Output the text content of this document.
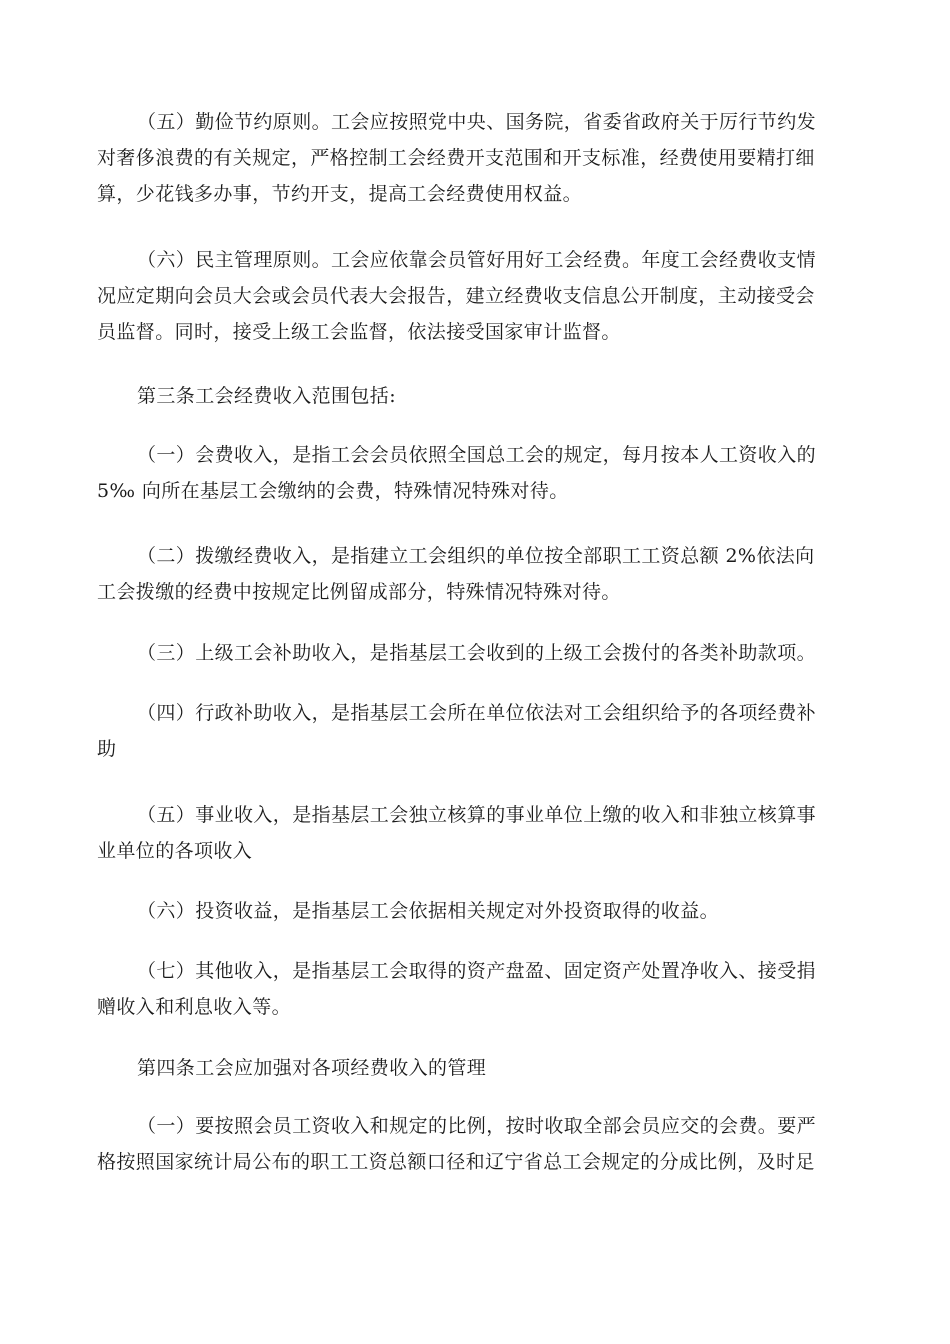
（五）勤俭节约原则。工会应按照党中央、国务院，省委省政府关于厉行节约发
对奢侈浪费的有关规定，严格控制工会经费开支范围和开支标准，经费使用要精打细
算，少花钱多办事，节约开支，提高工会经费使用权益。

（六）民主管理原则。工会应依靠会员管好用好工会经费。年度工会经费收支情
况应定期向会员大会或会员代表大会报告，建立经费收支信息公开制度，主动接受会
员监督。同时，接受上级工会监督，依法接受国家审计监督。

第三条工会经费收入范围包括:

（一）会费收入，是指工会会员依照全国总工会的规定，每月按本人工资收入的
5‰ 向所在基层工会缴纳的会费，特殊情况特殊对待。

（二）拨缴经费收入，是指建立工会组织的单位按全部职工工资总额 2%依法向
工会拨缴的经费中按规定比例留成部分，特殊情况特殊对待。

（三）上级工会补助收入，是指基层工会收到的上级工会拨付的各类补助款项。

（四）行政补助收入，是指基层工会所在单位依法对工会组织给予的各项经费补
助

（五）事业收入，是指基层工会独立核算的事业单位上缴的收入和非独立核算事
业单位的各项收入

（六）投资收益，是指基层工会依据相关规定对外投资取得的收益。

（七）其他收入，是指基层工会取得的资产盘盈、固定资产处置净收入、接受捐
赠收入和利息收入等。

第四条工会应加强对各项经费收入的管理

（一）要按照会员工资收入和规定的比例，按时收取全部会员应交的会费。要严
格按照国家统计局公布的职工工资总额口径和辽宁省总工会规定的分成比例，及时足
